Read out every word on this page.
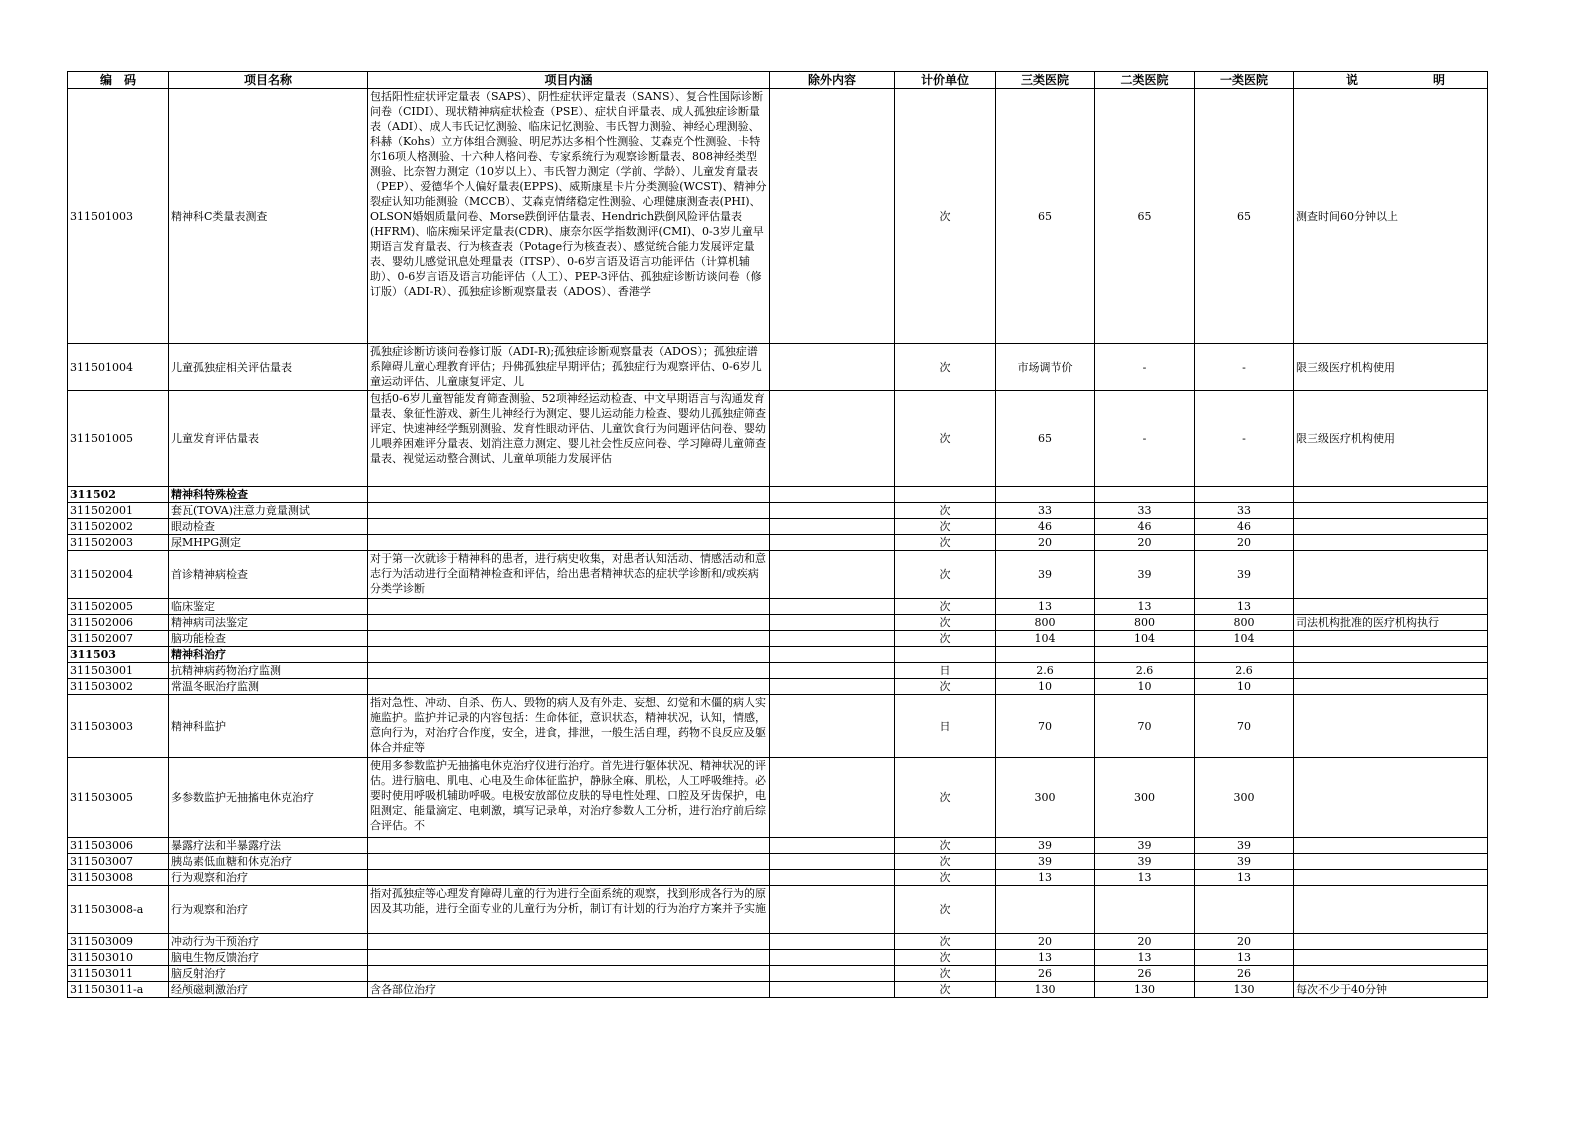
编　码	项目名称	项目内涵	除外内容	计价单位	三类医院	二类医院	一类医院	说 明

311501003	精神科C类量表测查	包括阳性症状评定量表（SAPS）、阴性症状评定量表（SANS）、复合性国际诊断问卷（CIDI）、现状精神病症状检查（PSE）、症状自评量表、成人孤独症诊断量表（ADI）、成人韦氏记忆测验、临床记忆测验、韦氏智力测验、神经心理测验、科赫（Kohs）立方体组合测验、明尼苏达多相个性测验、艾森克个性测验、卡特尔16项人格测验、十六种人格问卷、专家系统行为观察诊断量表、808神经类型测验、比奈智力测定（10岁以上）、韦氏智力测定（学前、学龄）、儿童发育量表（PEP）、爱德华个人偏好量表(EPPS)、威斯康星卡片分类测验(WCST)、精神分裂症认知功能测验（MCCB）、艾森克情绪稳定性测验、心理健康测查表(PHI)、OLSON婚姻质量问卷、Morse跌倒评估量表、Hendrich跌倒风险评估量表(HFRM)、临床痴呆评定量表(CDR)、康奈尔医学指数测评(CMI)、0-3岁儿童早期语言发育量表、行为核查表（Potage行为核查表）、感觉统合能力发展评定量表、婴幼儿感觉讯息处理量表（ITSP）、0-6岁言语及语言功能评估（计算机辅助）、0-6岁言语及语言功能评估（人工）、PEP-3评估、孤独症诊断访谈问卷（修订版）（ADI-R）、孤独症诊断观察量表（ADOS）、香港学		次	65	65	65	测查时间60分钟以上
311501004	儿童孤独症相关评估量表	孤独症诊断访谈问卷修订版（ADI-R);孤独症诊断观察量表（ADOS）；孤独症谱系障碍儿童心理教育评估；丹佛孤独症早期评估；孤独症行为观察评估、0-6岁儿童运动评估、儿童康复评定、儿		次	市场调节价	-	-	限三级医疗机构使用
311501005	儿童发育评估量表	包括0-6岁儿童智能发育筛查测验、52项神经运动检查、中文早期语言与沟通发育量表、象征性游戏、新生儿神经行为测定、婴儿运动能力检查、婴幼儿孤独症筛查评定、快速神经学甄别测验、发育性眼动评估、儿童饮食行为问题评估问卷、婴幼儿喂养困难评分量表、划消注意力测定、婴儿社会性反应问卷、学习障碍儿童筛查量表、视觉运动整合测试、儿童单项能力发展评估		次	65	-	-	限三级医疗机构使用
311502	精神科特殊检查	

311502001	套瓦(TOVA)注意力竟量测试			次	33	33	33	
311502002	眼动检查			次	46	46	46	
311502003	尿MHPG测定			次	20	20	20	
311502004	首诊精神病检查	对于第一次就诊于精神科的患者，进行病史收集，对患者认知活动、情感活动和意志行为活动进行全面精神检查和评估，给出患者精神状态的症状学诊断和/或疾病分类学诊断		次	39	39	39	
311502005	临床鉴定			次	13	13	13	
311502006	精神病司法鉴定			次	800	800	800	司法机构批准的医疗机构执行
311502007	脑功能检查			次	104	104	104	
311503	精神科治疗	

311503001	抗精神病药物治疗监测			日	2.6	2.6	2.6	
311503002	常温冬眠治疗监测			次	10	10	10	
311503003	精神科监护	指对急性、冲动、自杀、伤人、毁物的病人及有外走、妄想、幻觉和木僵的病人实施监护。监护并记录的内容包括：生命体征，意识状态，精神状况，认知，情感，意向行为，对治疗合作度，安全，进食，排泄，一般生活自理，药物不良反应及躯体合并症等		日	70	70	70	
311503005	多参数监护无抽搐电休克治疗	使用多参数监护无抽搐电休克治疗仪进行治疗。首先进行躯体状况、精神状况的评估。进行脑电、肌电、心电及生命体征监护，静脉全麻、肌松，人工呼吸维持。必要时使用呼吸机辅助呼吸。电极安放部位皮肤的导电性处理、口腔及牙齿保护，电阻测定、能量滴定、电刺激，填写记录单，对治疗参数人工分析，进行治疗前后综合评估。不		次	300	300	300	
311503006	暴露疗法和半暴露疗法			次	39	39	39	
311503007	胰岛素低血糖和休克治疗			次	39	39	39	
311503008	行为观察和治疗			次	13	13	13	
311503008-a	行为观察和治疗	指对孤独症等心理发育障碍儿童的行为进行全面系统的观察，找到形成各行为的原因及其功能，进行全面专业的儿童行为分析，制订有计划的行为治疗方案并予实施		次				
311503009	冲动行为干预治疗			次	20	20	20	
311503010	脑电生物反馈治疗			次	13	13	13	
311503011	脑反射治疗			次	26	26	26	
311503011-a	经颅磁刺激治疗	含各部位治疗		次	130	130	130	每次不少于40分钟
